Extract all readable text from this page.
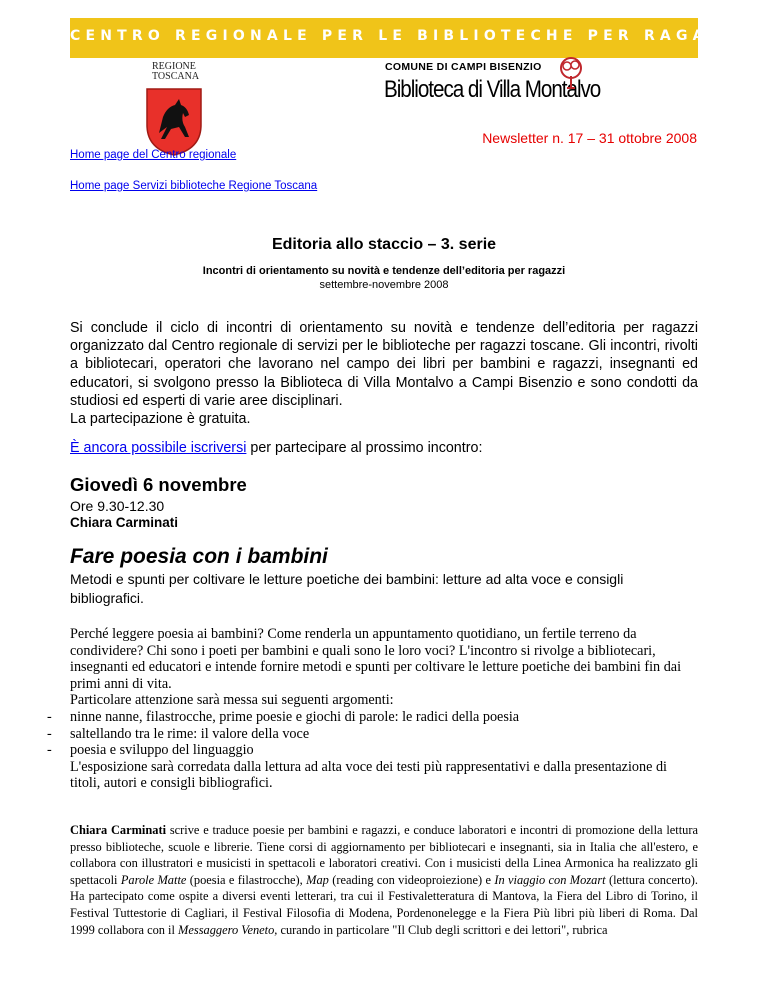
CENTRO REGIONALE PER LE BIBLIOTECHE PER RAGAZZI
REGIONE
TOSCANA
COMUNE DI CAMPI BISENZIO
Biblioteca di Villa Montalvo
Newsletter n. 17 – 31 ottobre 2008
Home page del Centro regionale
Home page Servizi biblioteche Regione Toscana
Editoria allo staccio – 3. serie
Incontri di orientamento su novità e tendenze dell’editoria per ragazzi
settembre-novembre 2008

Si conclude il ciclo di incontri di orientamento su novità e tendenze dell’editoria per ragazzi organizzato dal Centro regionale di servizi per le biblioteche per ragazzi toscane. Gli incontri, rivolti a bibliotecari, operatori che lavorano nel campo dei libri per bambini e ragazzi, insegnanti ed educatori, si svolgono presso la Biblioteca di Villa Montalvo a Campi Bisenzio e sono condotti da studiosi ed esperti di varie aree disciplinari.

La partecipazione è gratuita.

È ancora possibile iscriversi per partecipare al prossimo incontro:
Giovedì 6 novembre
Ore 9.30-12.30
Chiara Carminati
Fare poesia con i bambini
Metodi e spunti per coltivare le letture poetiche dei bambini: letture ad alta voce e consigli bibliografici.
Perché leggere poesia ai bambini? Come renderla un appuntamento quotidiano, un fertile terreno da condividere? Chi sono i poeti per bambini e quali sono le loro voci? L'incontro si rivolge a bibliotecari, insegnanti ed educatori e intende fornire metodi e spunti per coltivare le letture poetiche dei bambini fin dai primi anni di vita.
Particolare attenzione sarà messa sui seguenti argomenti:
- ninne nanne, filastrocche, prime poesie e giochi di parole: le radici della poesia
- saltellando tra le rime: il valore della voce
- poesia e sviluppo del linguaggio
L'esposizione sarà corredata dalla lettura ad alta voce dei testi più rappresentativi e dalla presentazione di titoli, autori e consigli bibliografici.
Chiara Carminati scrive e traduce poesie per bambini e ragazzi, e conduce laboratori e incontri di promozione della lettura presso biblioteche, scuole e librerie. Tiene corsi di aggiornamento per bibliotecari e insegnanti, sia in Italia che all'estero, e collabora con illustratori e musicisti in spettacoli e laboratori creativi. Con i musicisti della Linea Armonica ha realizzato gli spettacoli Parole Matte (poesia e filastrocche), Map (reading con videoproiezione) e In viaggio con Mozart (lettura concerto). Ha partecipato come ospite a diversi eventi letterari, tra cui il Festivaletteratura di Mantova, la Fiera del Libro di Torino, il Festival Tuttestorie di Cagliari, il Festival Filosofia di Modena, Pordenonelegge e la Fiera Più libri più liberi di Roma. Dal 1999 collabora con il Messaggero Veneto, curando in particolare "Il Club degli scrittori e dei lettori", rubrica
